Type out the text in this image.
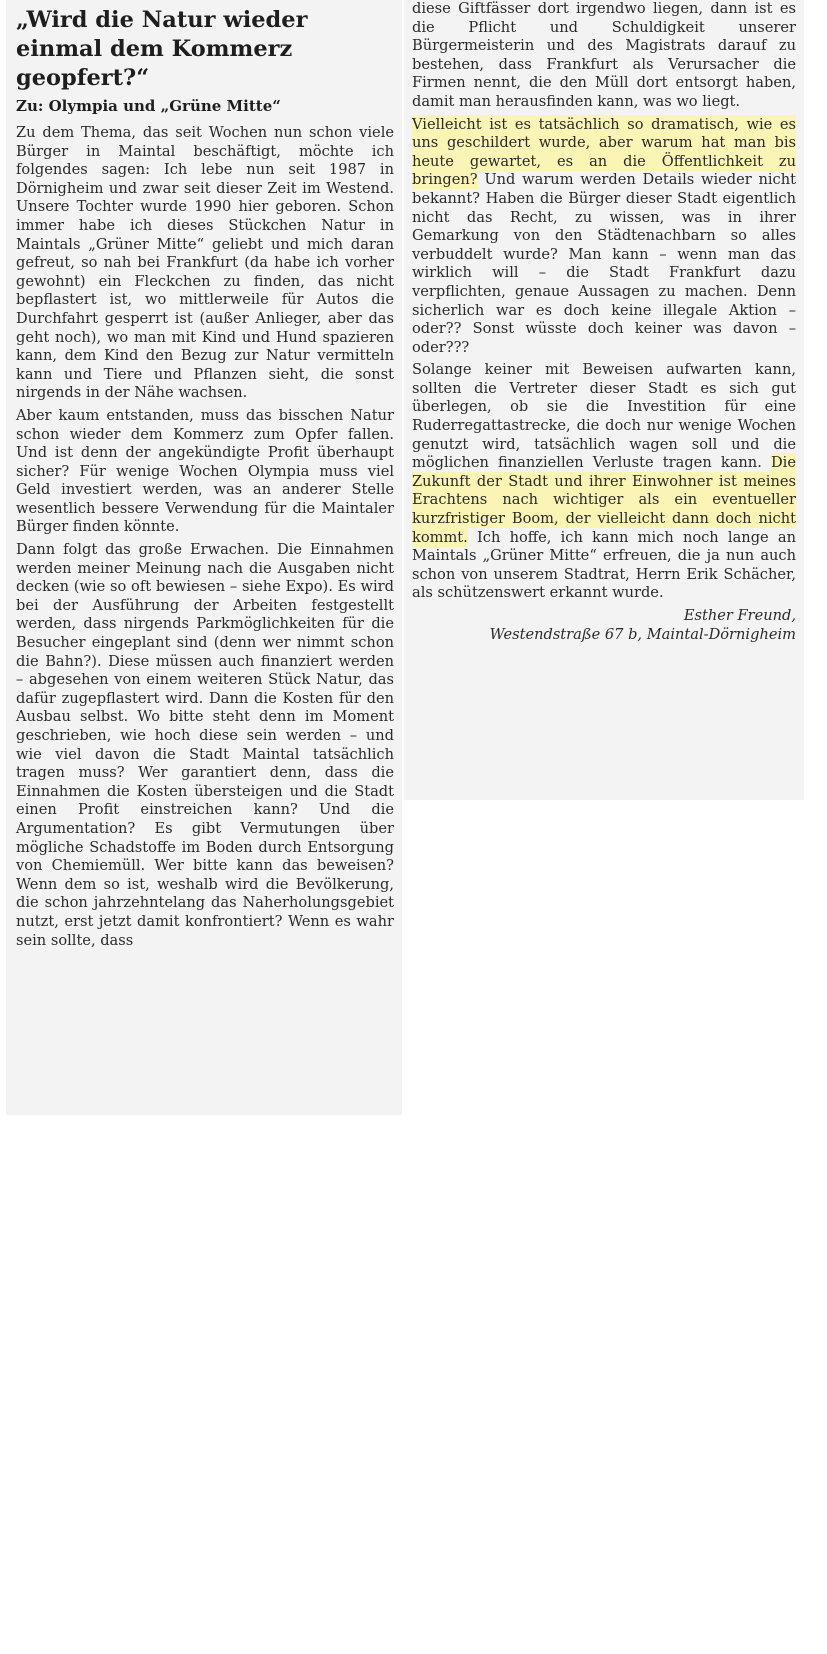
„Wird die Natur wieder einmal dem Kommerz geopfert?“
Zu: Olympia und „Grüne Mitte“

Zu dem Thema, das seit Wochen nun schon viele Bürger in Maintal beschäftigt, möchte ich folgendes sagen: Ich lebe nun seit 1987 in Dörnigheim und zwar seit dieser Zeit im Westend. Unsere Tochter wurde 1990 hier geboren. Schon immer habe ich dieses Stückchen Natur in Maintals „Grüner Mitte“ geliebt und mich daran gefreut, so nah bei Frankfurt (da habe ich vorher gewohnt) ein Fleckchen zu finden, das nicht bepflastert ist, wo mittlerweile für Autos die Durchfahrt gesperrt ist (außer Anlieger, aber das geht noch), wo man mit Kind und Hund spazieren kann, dem Kind den Bezug zur Natur vermitteln kann und Tiere und Pflanzen sieht, die sonst nirgends in der Nähe wachsen.

Aber kaum entstanden, muss das bisschen Natur schon wieder dem Kommerz zum Opfer fallen. Und ist denn der angekündigte Profit überhaupt sicher? Für wenige Wochen Olympia muss viel Geld investiert werden, was an anderer Stelle wesentlich bessere Verwendung für die Maintaler Bürger finden könnte.

Dann folgt das große Erwachen. Die Einnahmen werden meiner Meinung nach die Ausgaben nicht decken (wie so oft bewiesen – siehe Expo). Es wird bei der Ausführung der Arbeiten festgestellt werden, dass nirgends Parkmöglichkeiten für die Besucher eingeplant sind (denn wer nimmt schon die Bahn?). Diese müssen auch finanziert werden – abgesehen von einem weiteren Stück Natur, das dafür zugepflastert wird. Dann die Kosten für den Ausbau selbst. Wo bitte steht denn im Moment geschrieben, wie hoch diese sein werden – und wie viel davon die Stadt Maintal tatsächlich tragen muss? Wer garantiert denn, dass die Einnahmen die Kosten übersteigen und die Stadt einen Profit einstreichen kann? Und die Argumentation? Es gibt Vermutungen über mögliche Schadstoffe im Boden durch Entsorgung von Chemiemüll. Wer bitte kann das beweisen? Wenn dem so ist, weshalb wird die Bevölkerung, die schon jahrzehntelang das Naherholungsgebiet nutzt, erst jetzt damit konfrontiert? Wenn es wahr sein sollte, dass

diese Giftfässer dort irgendwo liegen, dann ist es die Pflicht und Schuldigkeit unserer Bürgermeisterin und des Magistrats darauf zu bestehen, dass Frankfurt als Verursacher die Firmen nennt, die den Müll dort entsorgt haben, damit man herausfinden kann, was wo liegt.

Vielleicht ist es tatsächlich so dramatisch, wie es uns geschildert wurde, aber warum hat man bis heute gewartet, es an die Öffentlichkeit zu bringen? Und warum werden Details wieder nicht bekannt? Haben die Bürger dieser Stadt eigentlich nicht das Recht, zu wissen, was in ihrer Gemarkung von den Städtenachbarn so alles verbuddelt wurde? Man kann – wenn man das wirklich will – die Stadt Frankfurt dazu verpflichten, genaue Aussagen zu machen. Denn sicherlich war es doch keine illegale Aktion – oder?? Sonst wüsste doch keiner was davon – oder???

Solange keiner mit Beweisen aufwarten kann, sollten die Vertreter dieser Stadt es sich gut überlegen, ob sie die Investition für eine Ruderregattastrecke, die doch nur wenige Wochen genutzt wird, tatsächlich wagen soll und die möglichen finanziellen Verluste tragen kann. Die Zukunft der Stadt und ihrer Einwohner ist meines Erachtens nach wichtiger als ein eventueller kurzfristiger Boom, der vielleicht dann doch nicht kommt. Ich hoffe, ich kann mich noch lange an Maintals „Grüner Mitte“ erfreuen, die ja nun auch schon von unserem Stadtrat, Herrn Erik Schächer, als schützenswert erkannt wurde.

Esther Freund,

Westendstraße 67 b, Maintal-Dörnigheim
